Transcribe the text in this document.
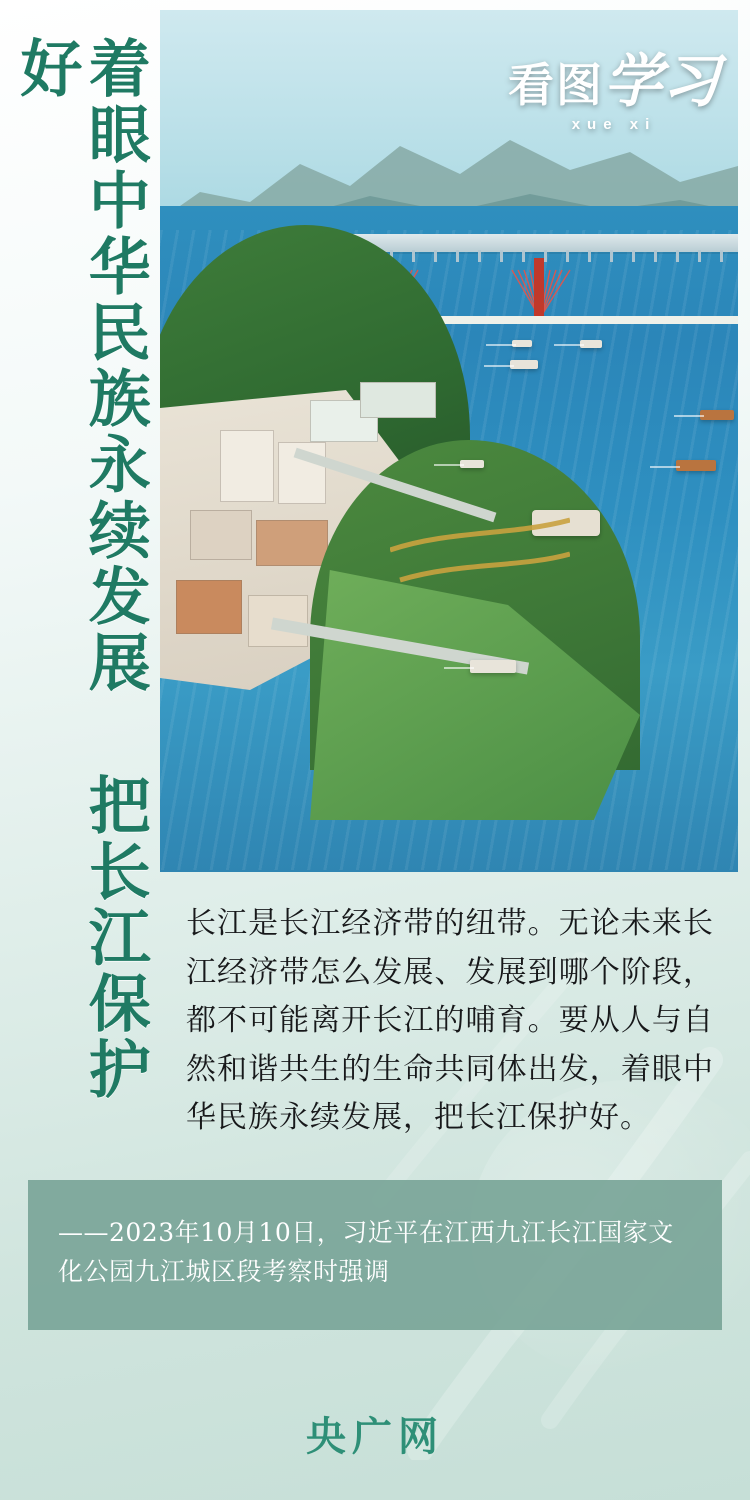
着眼中华民族永续发展 把长江保护好	看图学习
xue xi
长江是长江经济带的纽带。无论未来长江经济带怎么发展、发展到哪个阶段，都不可能离开长江的哺育。要从人与自然和谐共生的生命共同体出发，着眼中华民族永续发展，把长江保护好。
——2023年10月10日，习近平在江西九江长江国家文化公园九江城区段考察时强调
央广网
